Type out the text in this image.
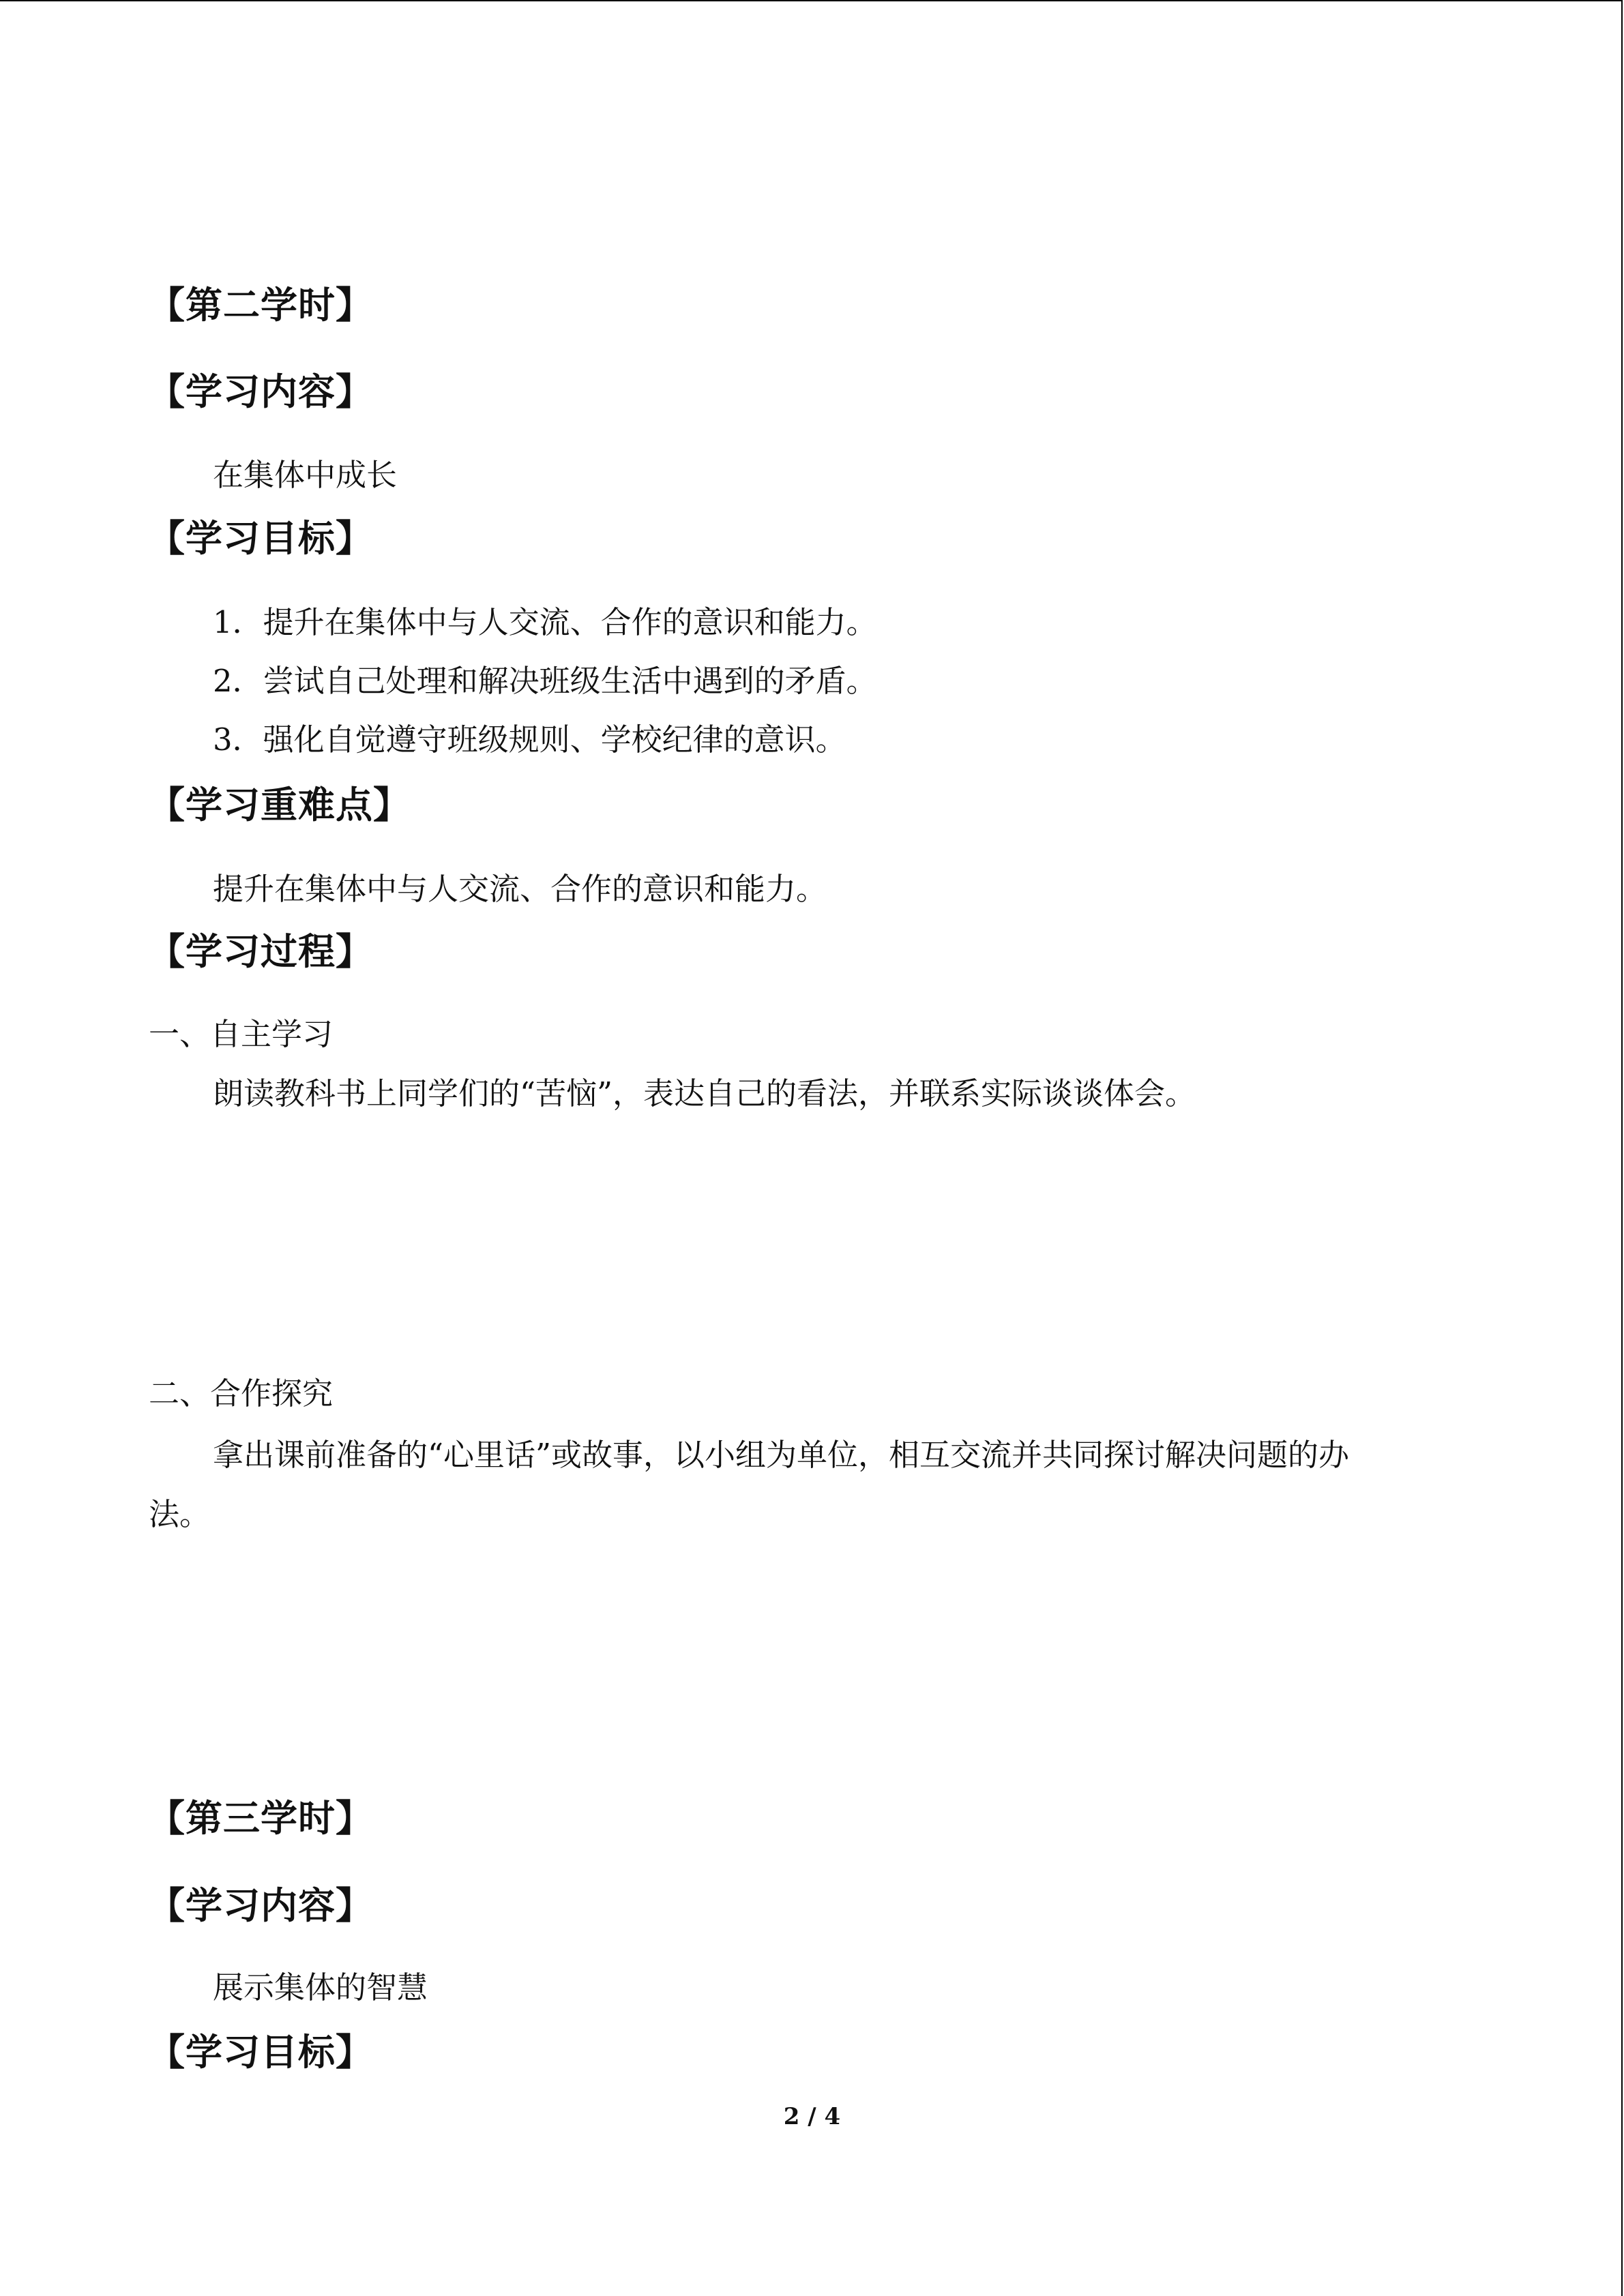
【第二学时】
【学习内容】
在集体中成长
【学习目标】
1．提升在集体中与人交流、合作的意识和能力。
2．尝试自己处理和解决班级生活中遇到的矛盾。
3．强化自觉遵守班级规则、学校纪律的意识。
【学习重难点】
提升在集体中与人交流、合作的意识和能力。
【学习过程】
一、自主学习
朗读教科书上同学们的“苦恼”，表达自己的看法，并联系实际谈谈体会。
二、合作探究
拿出课前准备的“心里话”或故事，以小组为单位，相互交流并共同探讨解决问题的办
法。
【第三学时】
【学习内容】
展示集体的智慧
【学习目标】
2 / 4
